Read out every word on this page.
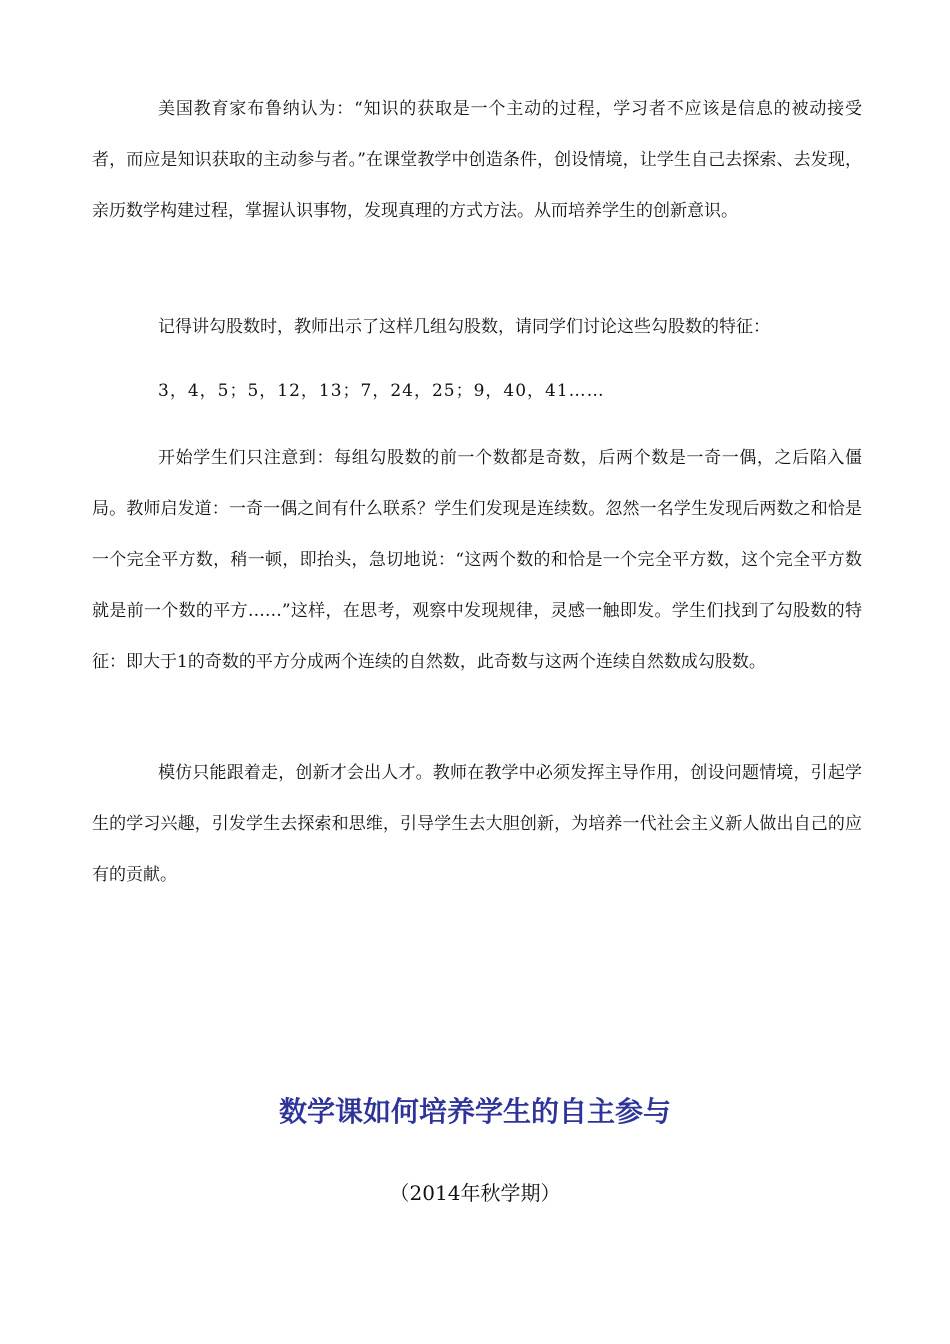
美国教育家布鲁纳认为：“知识的获取是一个主动的过程，学习者不应该是信息的被动接受者，而应是知识获取的主动参与者。”在课堂教学中创造条件，创设情境，让学生自己去探索、去发现，亲历数学构建过程，掌握认识事物，发现真理的方式方法。从而培养学生的创新意识。

记得讲勾股数时，教师出示了这样几组勾股数，请同学们讨论这些勾股数的特征：

3，4，5；5，12，13；7，24，25；9，40，41……

开始学生们只注意到：每组勾股数的前一个数都是奇数，后两个数是一奇一偶，之后陷入僵局。教师启发道：一奇一偶之间有什么联系？学生们发现是连续数。忽然一名学生发现后两数之和恰是一个完全平方数，稍一顿，即抬头，急切地说：“这两个数的和恰是一个完全平方数，这个完全平方数就是前一个数的平方……”这样，在思考，观察中发现规律，灵感一触即发。学生们找到了勾股数的特征：即大于1的奇数的平方分成两个连续的自然数，此奇数与这两个连续自然数成勾股数。

模仿只能跟着走，创新才会出人才。教师在教学中必须发挥主导作用，创设问题情境，引起学生的学习兴趣，引发学生去探索和思维，引导学生去大胆创新，为培养一代社会主义新人做出自己的应有的贡献。

数学课如何培养学生的自主参与

（2014年秋学期）
